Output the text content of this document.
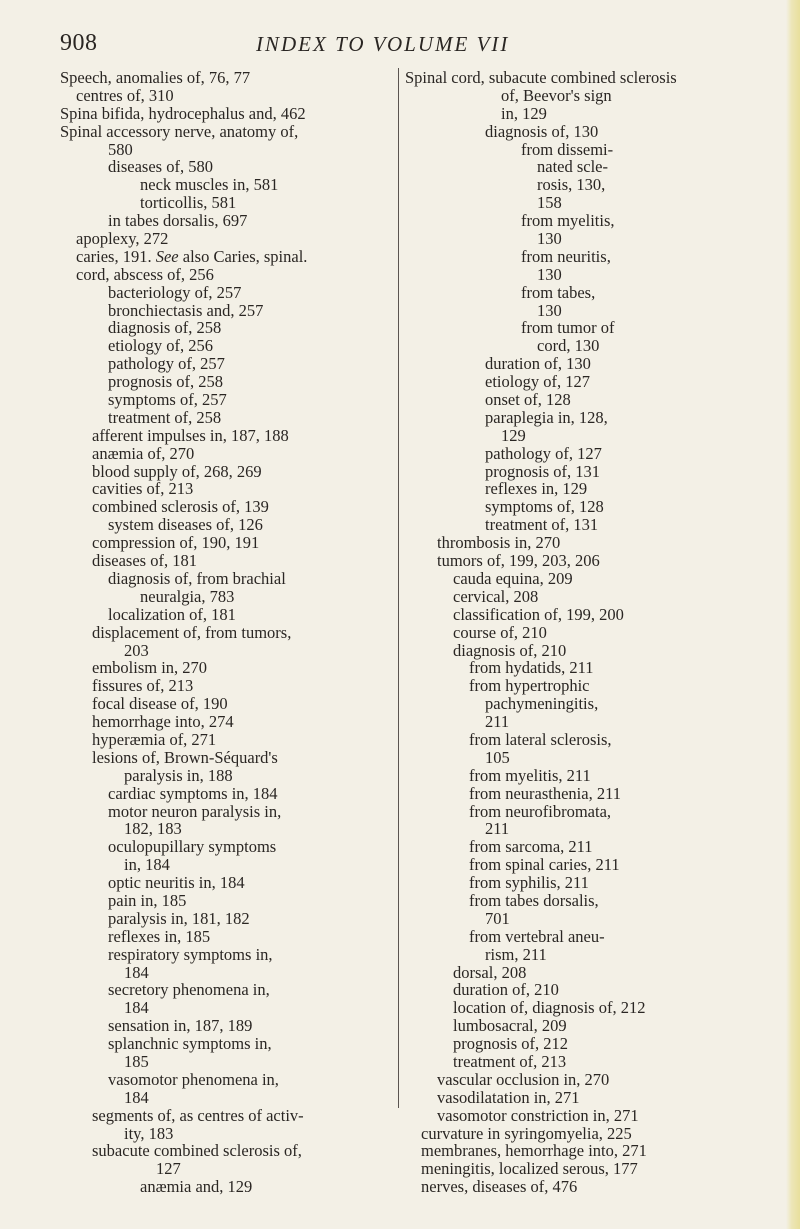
908	INDEX TO VOLUME VII
Speech, anomalies of, 76, 77
centres of, 310
Spina bifida, hydrocephalus and, 462
Spinal accessory nerve, anatomy of,
580
diseases of, 580
neck muscles in, 581
torticollis, 581
in tabes dorsalis, 697
apoplexy, 272
caries, 191. See also Caries, spinal.
cord, abscess of, 256
bacteriology of, 257
bronchiectasis and, 257
diagnosis of, 258
etiology of, 256
pathology of, 257
prognosis of, 258
symptoms of, 257
treatment of, 258
afferent impulses in, 187, 188
anæmia of, 270
blood supply of, 268, 269
cavities of, 213
combined sclerosis of, 139
system diseases of, 126
compression of, 190, 191
diseases of, 181
diagnosis of, from brachial
neuralgia, 783
localization of, 181
displacement of, from tumors,
203
embolism in, 270
fissures of, 213
focal disease of, 190
hemorrhage into, 274
hyperæmia of, 271
lesions of, Brown-Séquard's
paralysis in, 188
cardiac symptoms in, 184
motor neuron paralysis in,
182, 183
oculopupillary symptoms
in, 184
optic neuritis in, 184
pain in, 185
paralysis in, 181, 182
reflexes in, 185
respiratory symptoms in,
184
secretory phenomena in,
184
sensation in, 187, 189
splanchnic symptoms in,
185
vasomotor phenomena in,
184
segments of, as centres of activ-
ity, 183
subacute combined sclerosis of,
127
anæmia and, 129
Spinal cord, subacute combined sclerosis
of, Beevor's sign
in, 129
diagnosis of, 130
from dissemi-
nated scle-
rosis, 130,
158
from myelitis,
130
from neuritis,
130
from tabes,
130
from tumor of
cord, 130
duration of, 130
etiology of, 127
onset of, 128
paraplegia in, 128,
129
pathology of, 127
prognosis of, 131
reflexes in, 129
symptoms of, 128
treatment of, 131
thrombosis in, 270
tumors of, 199, 203, 206
cauda equina, 209
cervical, 208
classification of, 199, 200
course of, 210
diagnosis of, 210
from hydatids, 211
from hypertrophic
pachymeningitis,
211
from lateral sclerosis,
105
from myelitis, 211
from neurasthenia, 211
from neurofibromata,
211
from sarcoma, 211
from spinal caries, 211
from syphilis, 211
from tabes dorsalis,
701
from vertebral aneu-
rism, 211
dorsal, 208
duration of, 210
location of, diagnosis of, 212
lumbosacral, 209
prognosis of, 212
treatment of, 213
vascular occlusion in, 270
vasodilatation in, 271
vasomotor constriction in, 271
curvature in syringomyelia, 225
membranes, hemorrhage into, 271
meningitis, localized serous, 177
nerves, diseases of, 476
